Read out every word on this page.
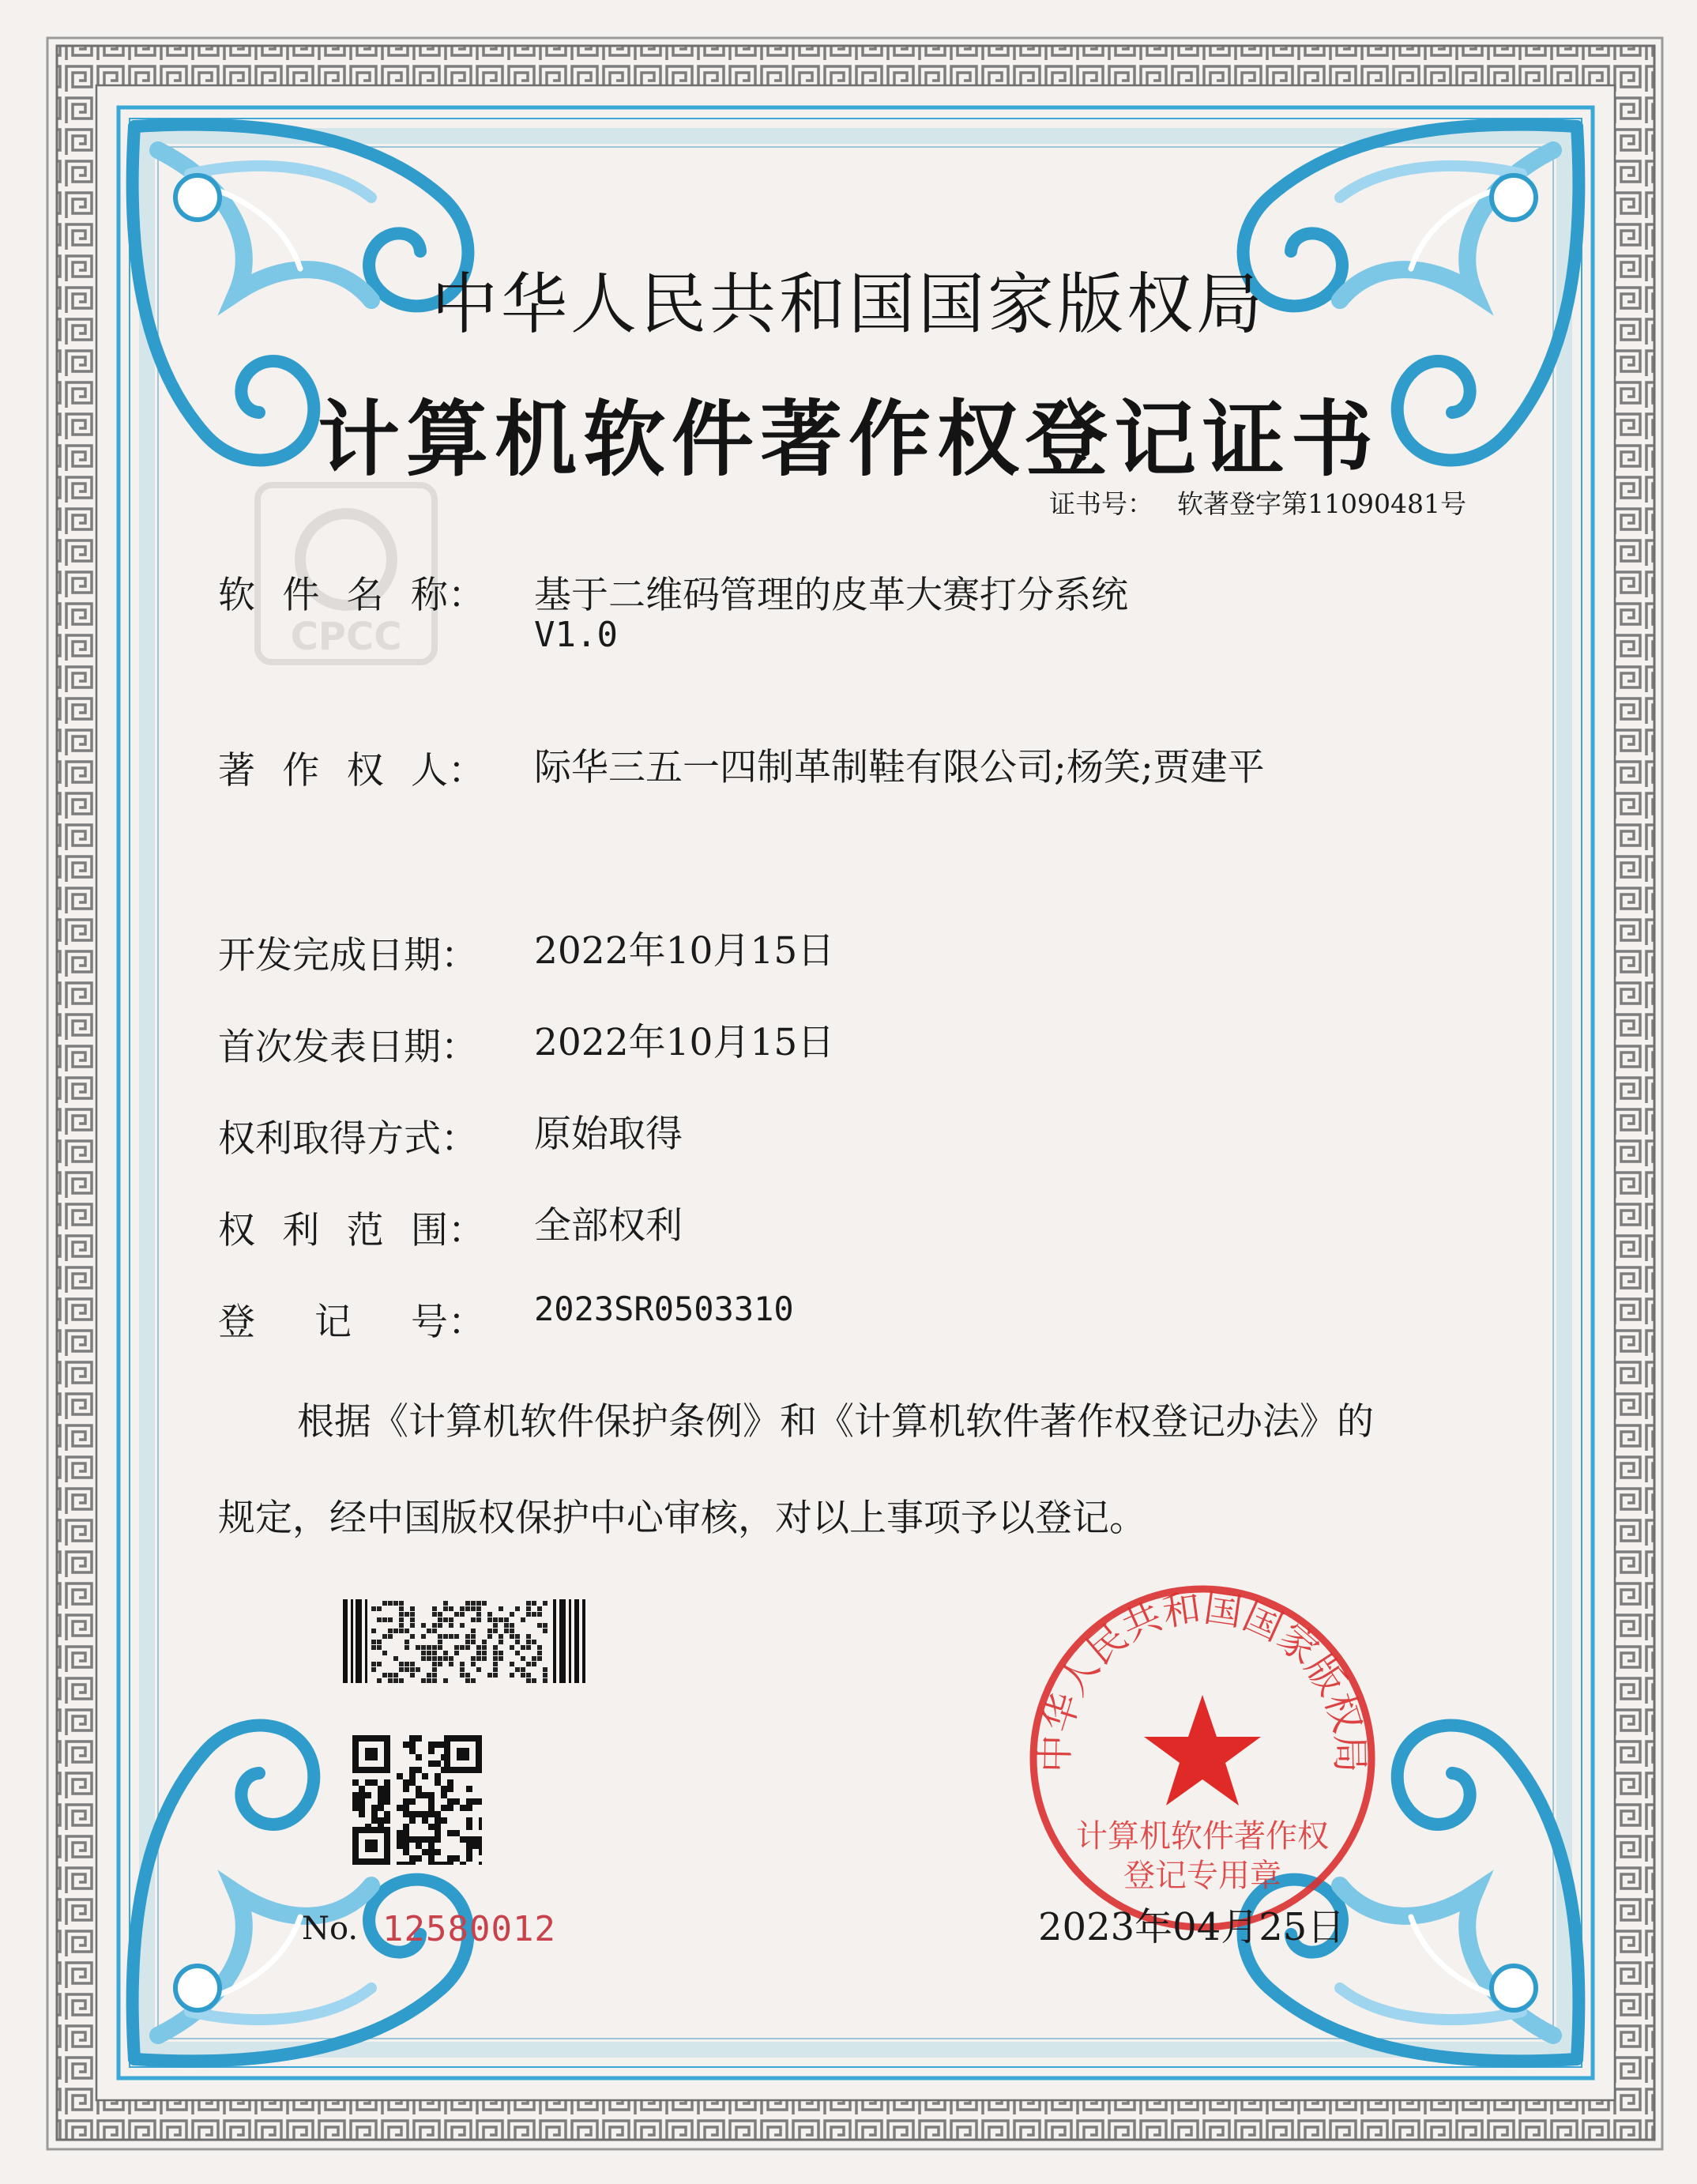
CPCC
中华人民共和国国家版权局
计算机软件著作权登记证书
证书号： 软著登字第11090481号
软 件 名 称： 基于二维码管理的皮革大赛打分系统
V1.0
著 作 权 人： 际华三五一四制革制鞋有限公司;杨笑;贾建平
开发完成日期： 2022年10月15日
首次发表日期： 2022年10月15日
权利取得方式： 原始取得
权 利 范 围： 全部权利
登 记 号： 2023SR0503310
根据《计算机软件保护条例》和《计算机软件著作权登记办法》的
规定，经中国版权保护中心审核，对以上事项予以登记。
No. 12580012
中华人民共和国国家版权局
计算机软件著作权
登记专用章
2023年04月25日
